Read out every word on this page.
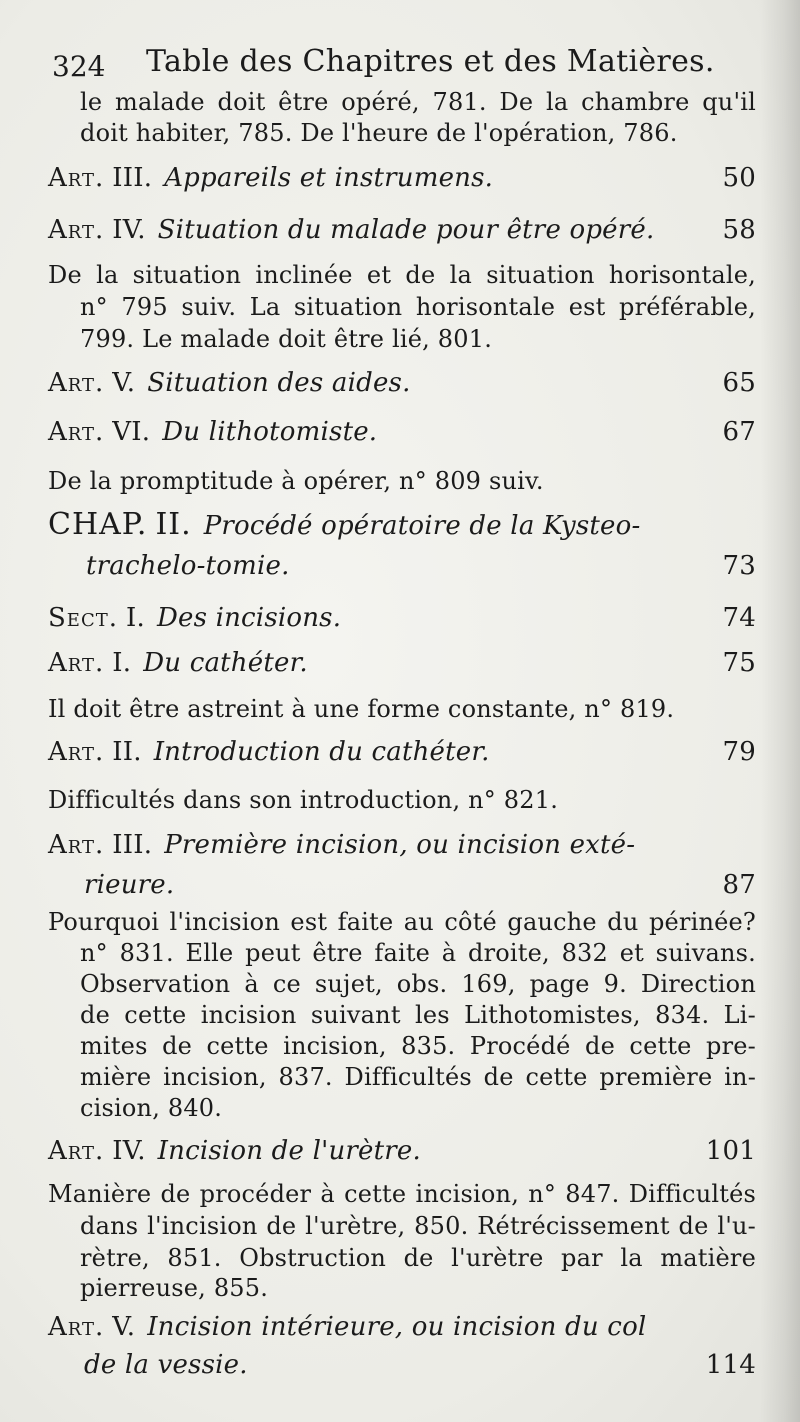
324 Table des Chapitres et des Matières.
le malade doit être opéré, 781. De la chambre qu'il
doit habiter, 785. De l'heure de l'opération, 786.
Art. III. Appareils et instrumens.	50
Art. IV. Situation du malade pour être opéré.	58
De la situation inclinée et de la situation horisontale,
n° 795 suiv. La situation horisontale est préférable,
799. Le malade doit être lié, 801.
Art. V. Situation des aides.	65
Art. VI. Du lithotomiste.	67
De la promptitude à opérer, n° 809 suiv.
CHAP. II. Procédé opératoire de la Kysteo-
trachelo-tomie.	73
Sect. I. Des incisions.	74
Art. I. Du cathéter.	75
Il doit être astreint à une forme constante, n° 819.
Art. II. Introduction du cathéter.	79
Difficultés dans son introduction, n° 821.
Art. III. Première incision, ou incision exté-
rieure.	87
Pourquoi l'incision est faite au côté gauche du périnée?
n° 831. Elle peut être faite à droite, 832 et suivans.
Observation à ce sujet, obs. 169, page 9. Direction
de cette incision suivant les Lithotomistes, 834. Li-
mites de cette incision, 835. Procédé de cette pre-
mière incision, 837. Difficultés de cette première in-
cision, 840.
Art. IV. Incision de l'urètre.	101
Manière de procéder à cette incision, n° 847. Difficultés
dans l'incision de l'urètre, 850. Rétrécissement de l'u-
rètre, 851. Obstruction de l'urètre par la matière
pierreuse, 855.
Art. V. Incision intérieure, ou incision du col
de la vessie.	114
